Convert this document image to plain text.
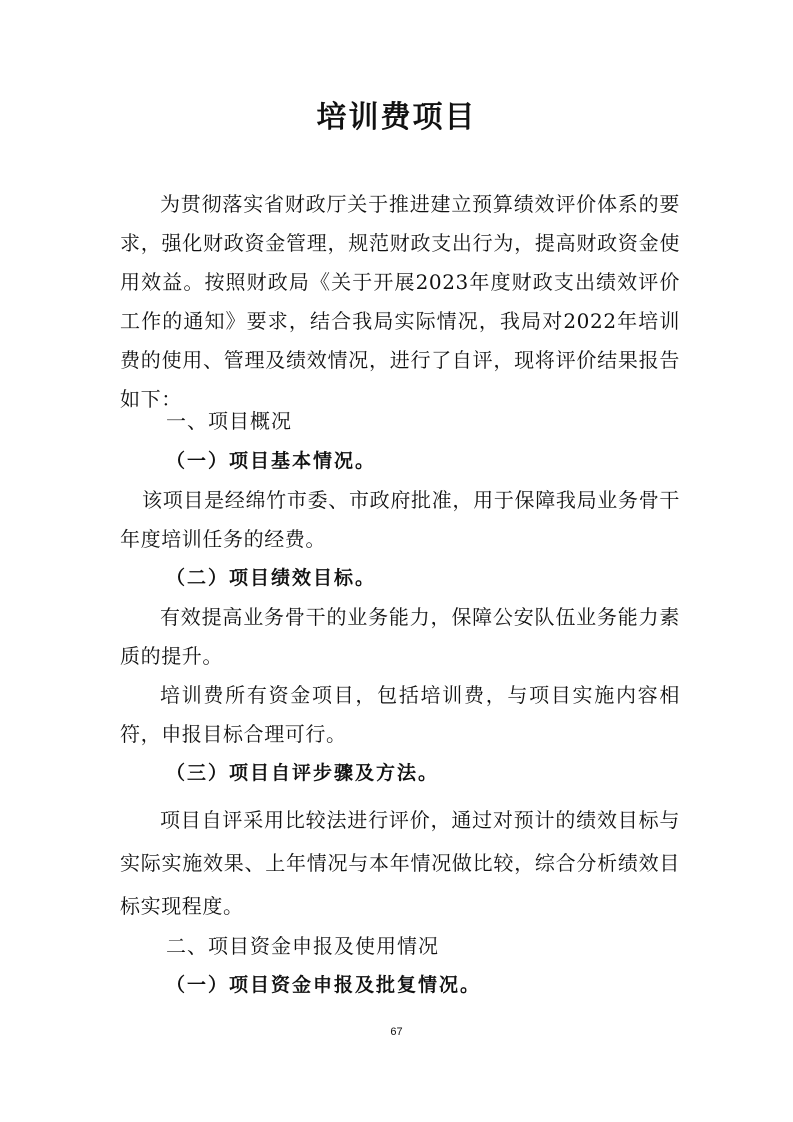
培训费项目

为贯彻落实省财政厅关于推进建立预算绩效评价体系的要求，强化财政资金管理，规范财政支出行为，提高财政资金使用效益。按照财政局《关于开展2023年度财政支出绩效评价工作的通知》要求，结合我局实际情况，我局对2022年培训费的使用、管理及绩效情况，进行了自评，现将评价结果报告如下：

一、项目概况

（一）项目基本情况。

该项目是经绵竹市委、市政府批准，用于保障我局业务骨干年度培训任务的经费。

（二）项目绩效目标。

有效提高业务骨干的业务能力，保障公安队伍业务能力素质的提升。

培训费所有资金项目，包括培训费，与项目实施内容相符，申报目标合理可行。

（三）项目自评步骤及方法。

项目自评采用比较法进行评价，通过对预计的绩效目标与实际实施效果、上年情况与本年情况做比较，综合分析绩效目标实现程度。

二、项目资金申报及使用情况

（一）项目资金申报及批复情况。

67
